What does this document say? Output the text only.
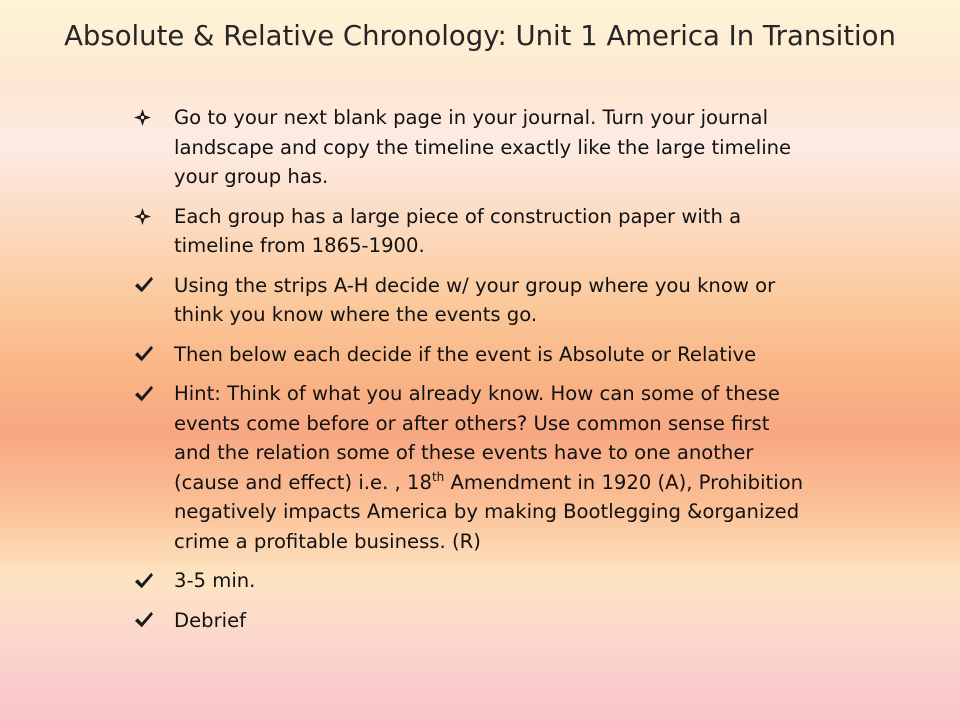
Absolute & Relative Chronology: Unit 1 America In Transition
Go to your next blank page in your journal. Turn your journal landscape and copy the timeline exactly like the large timeline your group has.
Each group has a large piece of construction paper with a timeline from 1865-1900.
Using the strips A-H decide w/ your group where you know or think you know where the events go.
Then below each decide if the event is Absolute or Relative
Hint: Think of what you already know. How can some of these events come before or after others? Use common sense first and the relation some of these events have to one another (cause and effect) i.e. , 18th Amendment in 1920 (A), Prohibition negatively impacts America by making Bootlegging &organized crime a profitable business. (R)
3-5 min.
Debrief
